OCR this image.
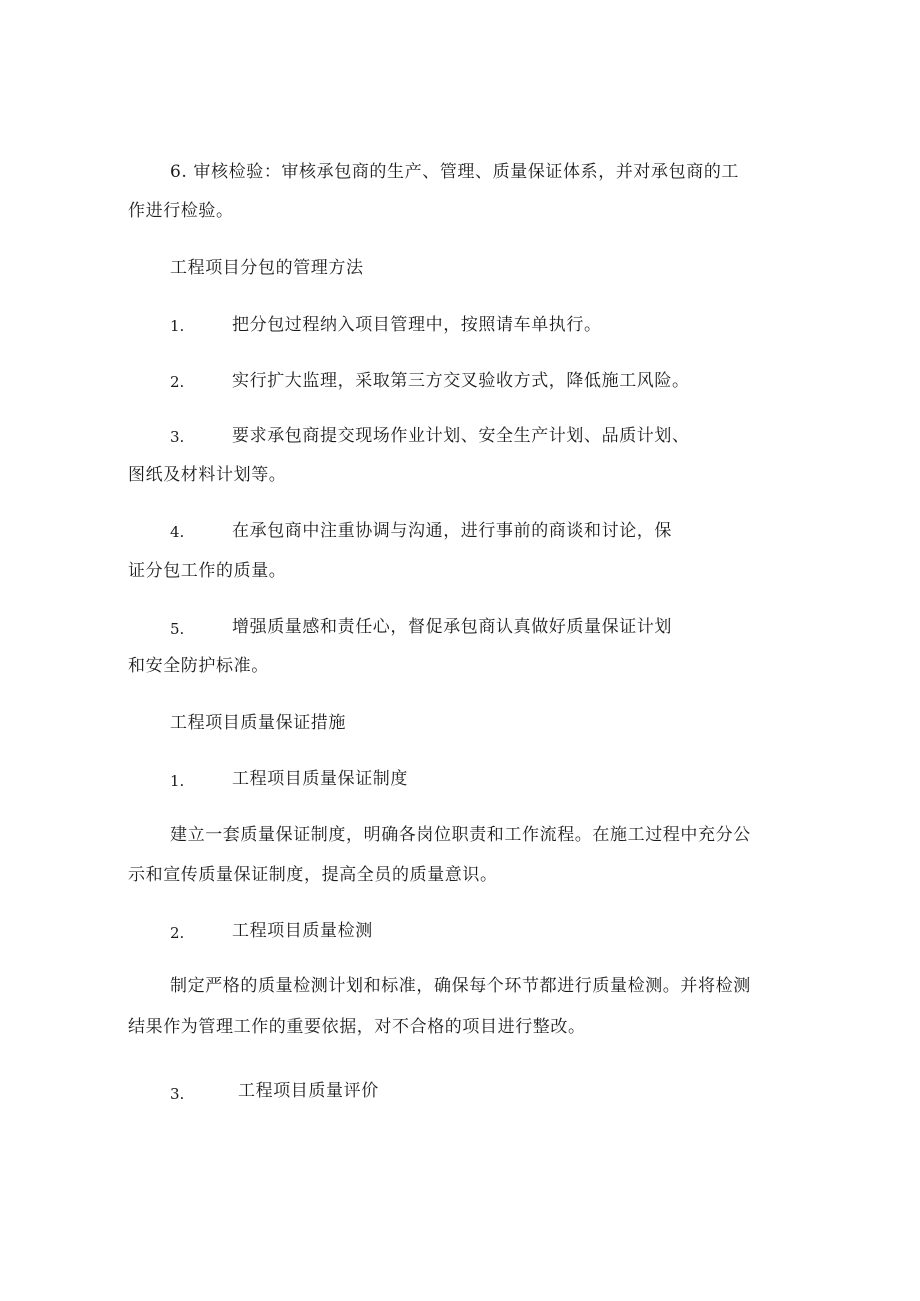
6. 审核检验：审核承包商的生产、管理、质量保证体系，并对承包商的工
作进行检验。
工程项目分包的管理方法
1.	把分包过程纳入项目管理中，按照请车单执行。
2.	实行扩大监理，采取第三方交叉验收方式，降低施工风险。
3.	要求承包商提交现场作业计划、安全生产计划、品质计划、
图纸及材料计划等。
4.	在承包商中注重协调与沟通，进行事前的商谈和讨论，保
证分包工作的质量。
5.	增强质量感和责任心，督促承包商认真做好质量保证计划
和安全防护标准。
工程项目质量保证措施
1.	工程项目质量保证制度
建立一套质量保证制度，明确各岗位职责和工作流程。在施工过程中充分公
示和宣传质量保证制度，提高全员的质量意识。
2.	工程项目质量检测
制定严格的质量检测计划和标准，确保每个环节都进行质量检测。并将检测
结果作为管理工作的重要依据，对不合格的项目进行整改。
3.	工程项目质量评价
